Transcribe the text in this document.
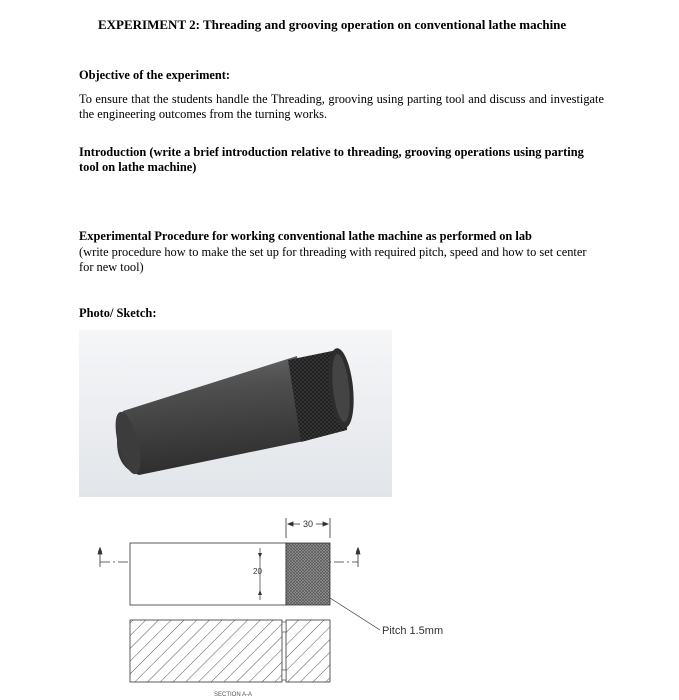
EXPERIMENT 2: Threading and grooving operation on conventional lathe machine
Objective of the experiment:
To ensure that the students handle the Threading, grooving using parting tool and discuss and investigate the engineering outcomes from the turning works.
Introduction (write a brief introduction relative to threading, grooving operations using parting tool on lathe machine)
Experimental Procedure for working conventional lathe machine as performed on lab
(write procedure how to make the set up for threading with required pitch, speed and how to set center for new tool)
Photo/ Sketch:
30
A	A
20
Pitch 1.5mm
SECTION A-A
